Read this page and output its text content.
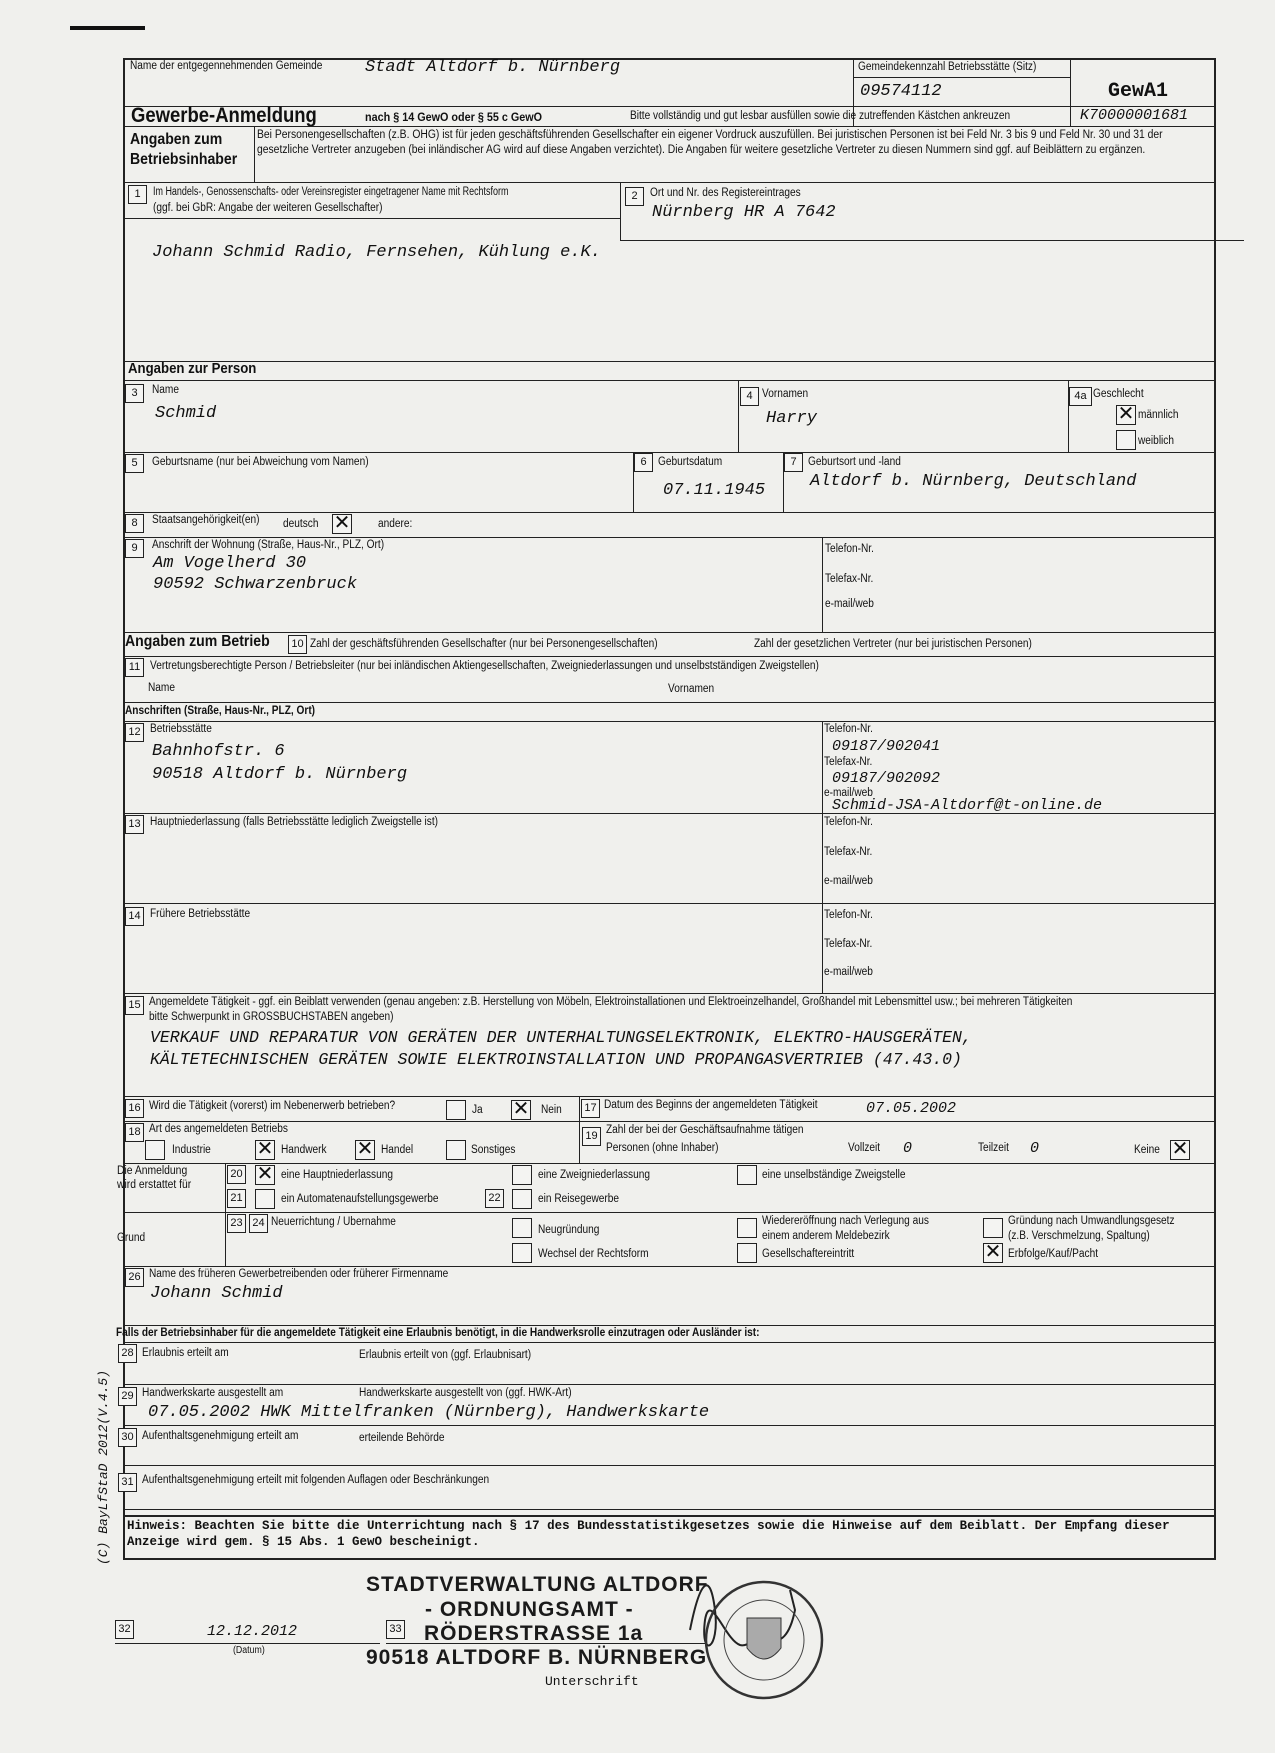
Name der entgegennehmenden Gemeinde	Stadt Altdorf b. Nürnberg	Gemeindekennzahl Betriebsstätte (Sitz)
09574112	GewA1
Gewerbe-Anmeldung	nach § 14 GewO oder § 55 c GewO	Bitte vollständig und gut lesbar ausfüllen sowie die zutreffenden Kästchen ankreuzen	K70000001681
Angaben zum Betriebsinhaber
Bei Personengesellschaften (z.B. OHG) ist für jeden geschäftsführenden Gesellschafter ein eigener Vordruck auszufüllen. Bei juristischen Personen ist bei Feld Nr. 3 bis 9 und Feld Nr. 30 und 31 der gesetzliche Vertreter anzugeben (bei inländischer AG wird auf diese Angaben verzichtet). Die Angaben für weitere gesetzliche Vertreter zu diesen Nummern sind ggf. auf Beiblättern zu ergänzen.
1	Im Handels-, Genossenschafts- oder Vereinsregister eingetragener Name mit Rechtsform
(ggf. bei GbR: Angabe der weiteren Gesellschafter)
2	Ort und Nr. des Registereintrages
Nürnberg HR A 7642
Johann Schmid Radio, Fernsehen, Kühlung e.K.
Angaben zur Person
3	Name
Schmid
4 Vornamen
Harry
4a Geschlecht
✕ männlich
weiblich
5	Geburtsname (nur bei Abweichung vom Namen)	6 Geburtsdatum
07.11.1945
7 Geburtsort und -land
Altdorf b. Nürnberg, Deutschland
8	Staatsangehörigkeit(en) deutsch ✕ andere:
9	Anschrift der Wohnung (Straße, Haus-Nr., PLZ, Ort)
Am Vogelherd 30
90592 Schwarzenbruck
Telefon-Nr.
Telefax-Nr.
e-mail/web
Angaben zum Betrieb	10 Zahl der geschäftsführenden Gesellschafter (nur bei Personengesellschaften)	Zahl der gesetzlichen Vertreter (nur bei juristischen Personen)
11 Vertretungsberechtigte Person / Betriebsleiter (nur bei inländischen Aktiengesellschaften, Zweigniederlassungen und unselbstständigen Zweigstellen)
Name	Vornamen
Anschriften (Straße, Haus-Nr., PLZ, Ort)
12 Betriebsstätte
Bahnhofstr. 6
90518 Altdorf b. Nürnberg
Telefon-Nr.
09187/902041
Telefax-Nr.
09187/902092
e-mail/web
Schmid-JSA-Altdorf@t-online.de
13 Hauptniederlassung (falls Betriebsstätte lediglich Zweigstelle ist)	Telefon-Nr.
Telefax-Nr.
e-mail/web
14 Frühere Betriebsstätte	Telefon-Nr.
Telefax-Nr.
e-mail/web
15 Angemeldete Tätigkeit - ggf. ein Beiblatt verwenden (genau angeben: z.B. Herstellung von Möbeln, Elektroinstallationen und Elektroeinzelhandel, Großhandel mit Lebensmittel usw.; bei mehreren Tätigkeiten
bitte Schwerpunkt in GROSSBUCHSTABEN angeben)
VERKAUF UND REPARATUR VON GERÄTEN DER UNTERHALTUNGSELEKTRONIK, ELEKTRO-HAUSGERÄTEN,
KÄLTETECHNISCHEN GERÄTEN SOWIE ELEKTROINSTALLATION UND PROPANGASVERTRIEB (47.43.0)
16 Wird die Tätigkeit (vorerst) im Nebenerwerb betrieben?	Ja ✕ Nein	17 Datum des Beginns der angemeldeten Tätigkeit	07.05.2002
18 Art des angemeldeten Betriebs
Industrie ✕ Handwerk ✕ Handel	Sonstiges
19 Zahl der bei der Geschäftsaufnahme tätigen
Personen (ohne Inhaber)	Vollzeit 0	Teilzeit 0	Keine ✕
Die Anmeldung wird erstattet für
20 ✕ eine Hauptniederlassung	eine Zweigniederlassung	eine unselbständige Zweigstelle
21	ein Automatenaufstellungsgewerbe	22	ein Reisegewerbe
Grund
23 24 Neuerrichtung / Übernahme
Neugründung
Wechsel der Rechtsform
Wiedereröffnung nach Verlegung aus
einem anderem Meldebezirk
Gesellschaftereintritt
Gründung nach Umwandlungsgesetz
(z.B. Verschmelzung, Spaltung)
✕ Erbfolge/Kauf/Pacht
26 Name des früheren Gewerbetreibenden oder früherer Firmenname
Johann Schmid
Falls der Betriebsinhaber für die angemeldete Tätigkeit eine Erlaubnis benötigt, in die Handwerksrolle einzutragen oder Ausländer ist:
28 Erlaubnis erteilt am	Erlaubnis erteilt von (ggf. Erlaubnisart)
29 Handwerkskarte ausgestellt am	Handwerkskarte ausgestellt von (ggf. HWK-Art)
07.05.2002 HWK Mittelfranken (Nürnberg), Handwerkskarte
30 Aufenthaltsgenehmigung erteilt am	erteilende Behörde
31 Aufenthaltsgenehmigung erteilt mit folgenden Auflagen oder Beschränkungen
Hinweis: Beachten Sie bitte die Unterrichtung nach § 17 des Bundesstatistikgesetzes sowie die Hinweise auf dem Beiblatt. Der Empfang dieser Anzeige wird gem. § 15 Abs. 1 GewO bescheinigt.
(C) BayLfStaD 2012(V.4.5)
32	12.12.2012
(Datum)
33
Unterschrift
STADTVERWALTUNG ALTDORF
- ORDNUNGSAMT -
RÖDERSTRASSE 1a
90518 ALTDORF B. NÜRNBERG
